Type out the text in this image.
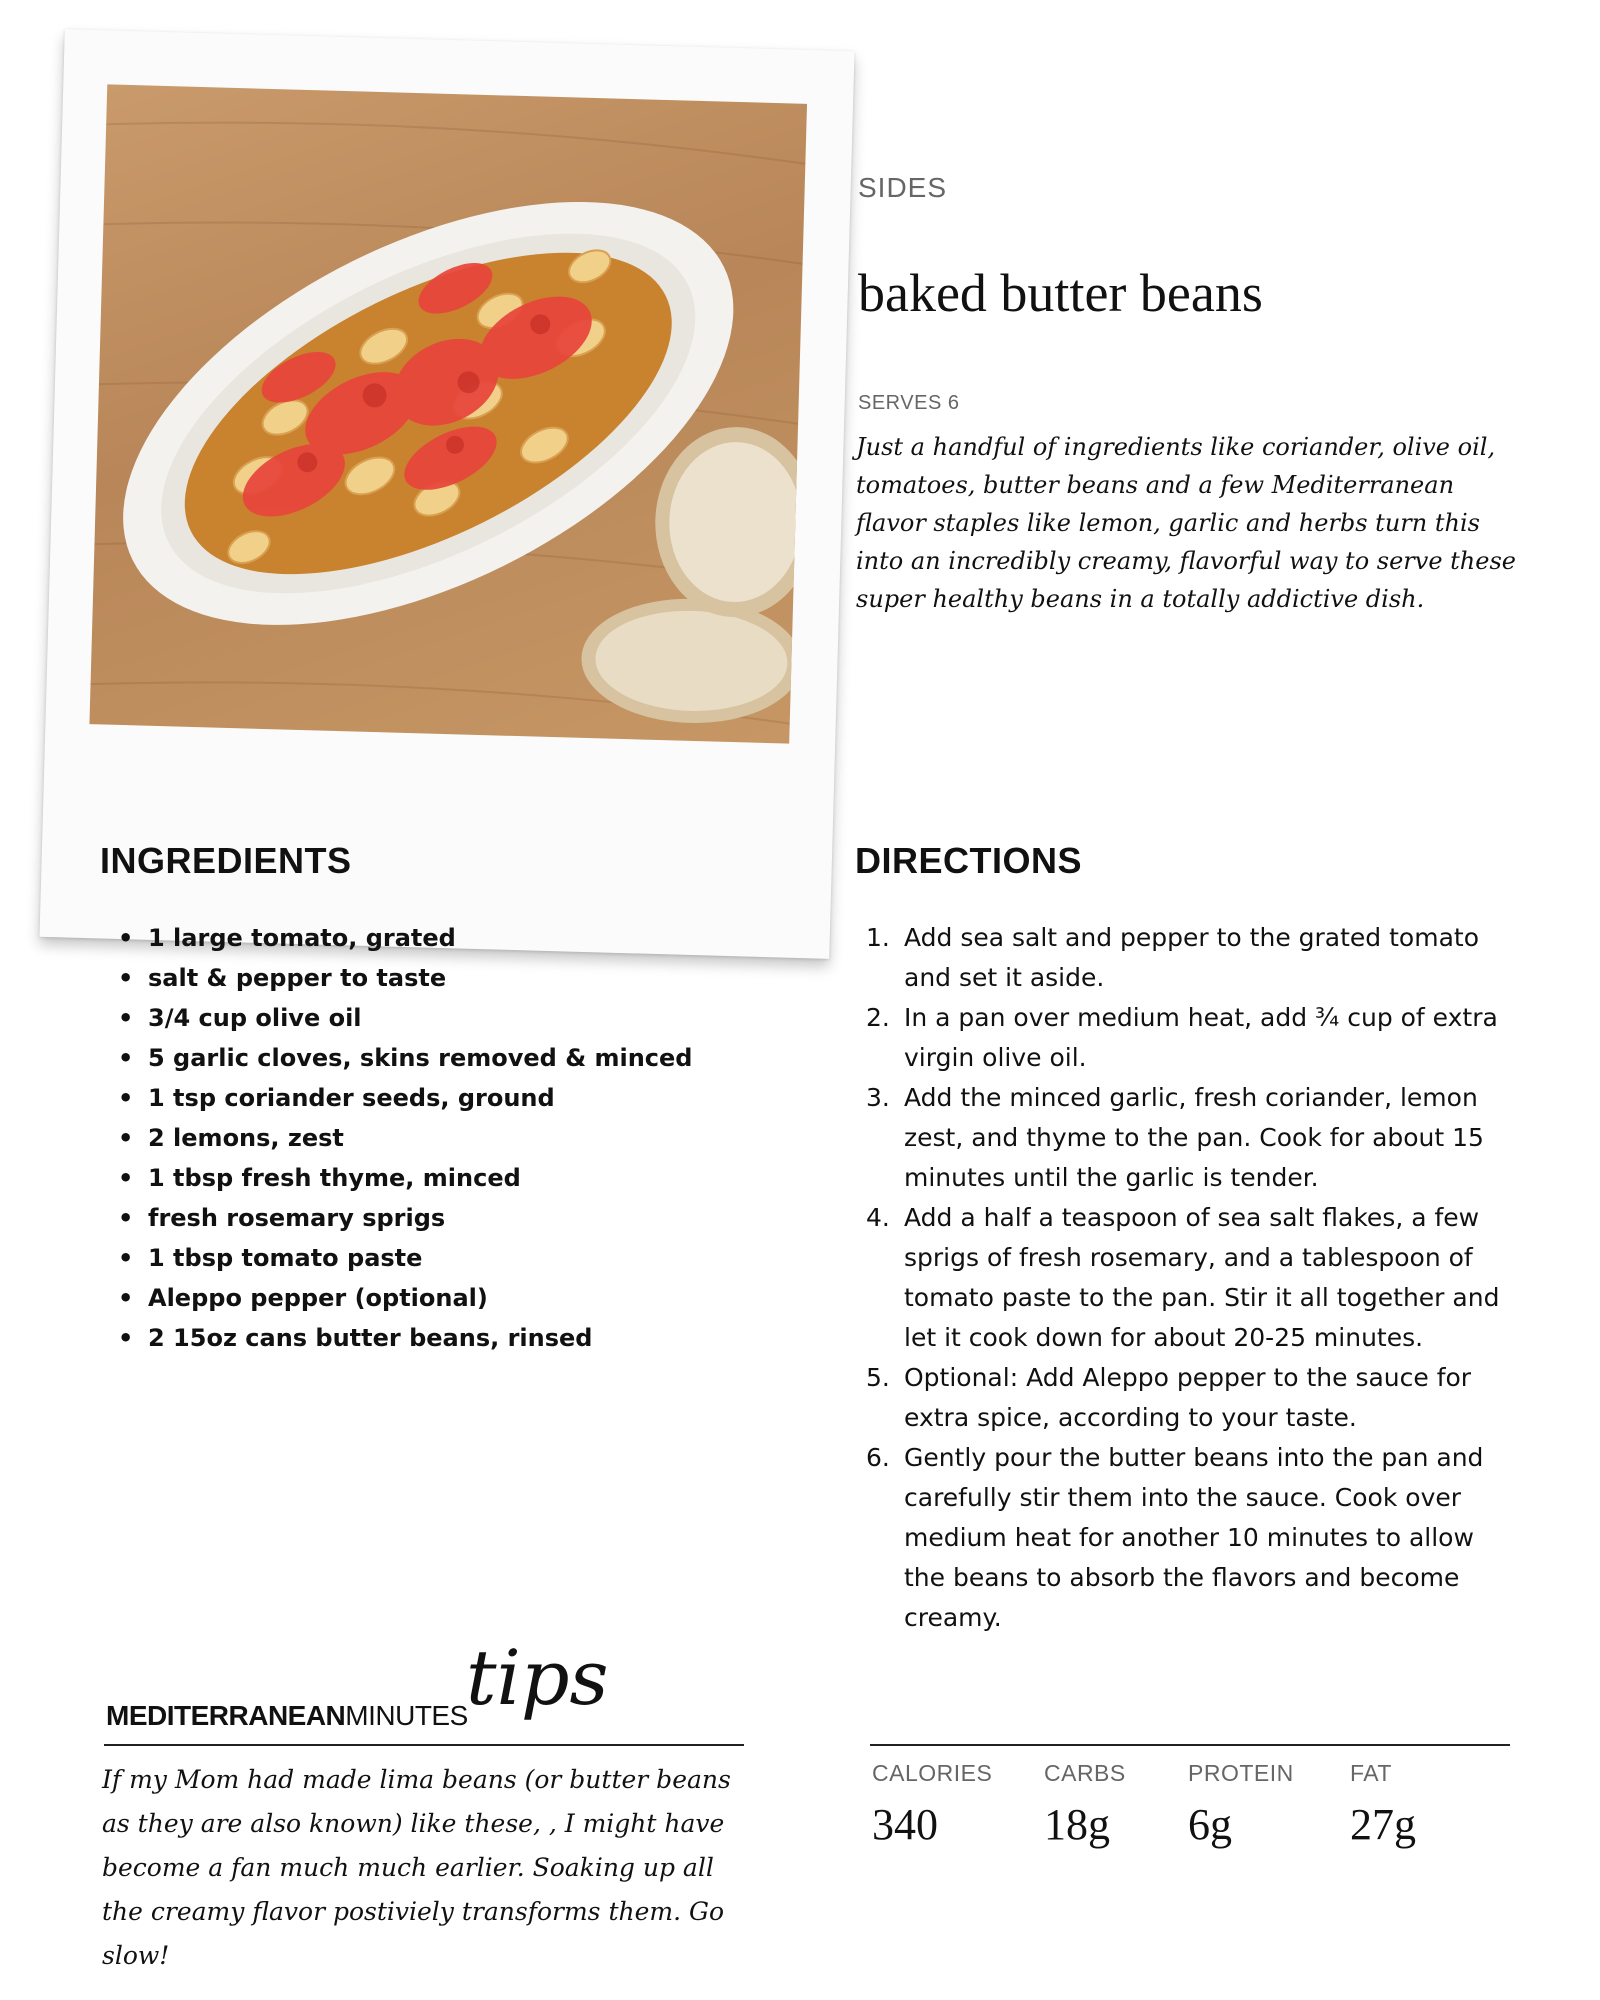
SIDES
baked butter beans
SERVES 6
Just a handful of ingredients like coriander, olive oil, tomatoes, butter beans and a few Mediterranean flavor staples like lemon, garlic and herbs turn this into an incredibly creamy, flavorful way to serve these super healthy beans in a totally addictive dish.
INGREDIENTS
• 1 large tomato, grated
• salt & pepper to taste
• 3/4 cup olive oil
• 5 garlic cloves, skins removed & minced
• 1 tsp coriander seeds, ground
• 2 lemons, zest
• 1 tbsp fresh thyme, minced
• fresh rosemary sprigs
• 1 tbsp tomato paste
• Aleppo pepper (optional)
• 2 15oz cans butter beans, rinsed
DIRECTIONS
1. Add sea salt and pepper to the grated tomato and set it aside.
2. In a pan over medium heat, add ¾ cup of extra virgin olive oil.
3. Add the minced garlic, fresh coriander, lemon zest, and thyme to the pan. Cook for about 15 minutes until the garlic is tender.
4. Add a half a teaspoon of sea salt flakes, a few sprigs of fresh rosemary, and a tablespoon of tomato paste to the pan. Stir it all together and let it cook down for about 20-25 minutes.
5. Optional: Add Aleppo pepper to the sauce for extra spice, according to your taste.
6. Gently pour the butter beans into the pan and carefully stir them into the sauce. Cook over medium heat for another 10 minutes to allow the beans to absorb the flavors and become creamy.
MEDITERRANEANMINUTES
tips
If my Mom had made lima beans (or butter beans as they are also known) like these, , I might have become a fan much much earlier. Soaking up all the creamy flavor postiviely transforms them. Go slow!
CALORIES
340
CARBS
18g
PROTEIN
6g
FAT
27g
